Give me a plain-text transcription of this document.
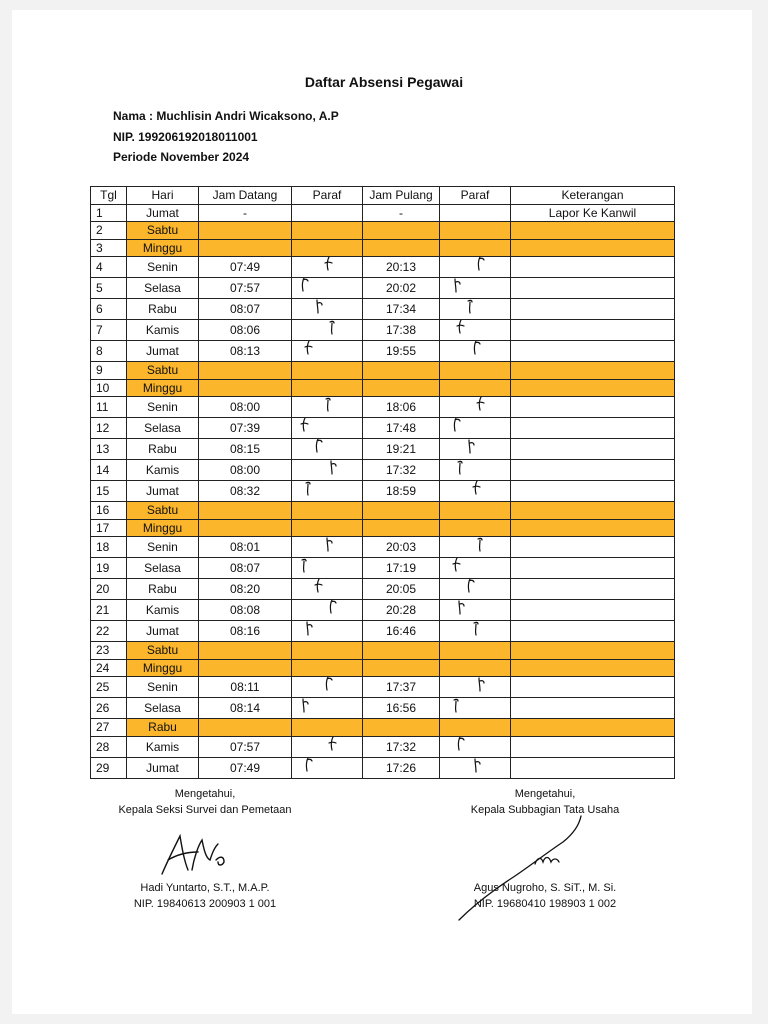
Daftar Absensi Pegawai
Nama : Muchlisin Andri Wicaksono, A.P
NIP. 199206192018011001
Periode November 2024
Tgl	Hari	Jam Datang	Paraf	Jam Pulang	Paraf	Keterangan
1	Jumat	-		-		Lapor Ke Kanwil
2	Sabtu					
3	Minggu					
4	Senin	07:49		20:13	

5	Selasa	07:57		20:02	

6	Rabu	08:07		17:34	

7	Kamis	08:06		17:38	

8	Jumat	08:13		19:55	

9	Sabtu					
10	Minggu					
11	Senin	08:00		18:06	

12	Selasa	07:39		17:48	

13	Rabu	08:15		19:21	

14	Kamis	08:00		17:32	

15	Jumat	08:32		18:59	

16	Sabtu					
17	Minggu					
18	Senin	08:01		20:03	

19	Selasa	08:07		17:19	

20	Rabu	08:20		20:05	

21	Kamis	08:08		20:28	

22	Jumat	08:16		16:46	

23	Sabtu					
24	Minggu					
25	Senin	08:11		17:37	

26	Selasa	08:14		16:56	

27	Rabu					
28	Kamis	07:57		17:32	

29	Jumat	07:49		17:26	

Mengetahui,
Kepala Seksi Survei dan Pemetaan
Hadi Yuntarto, S.T., M.A.P.
NIP. 19840613 200903 1 001
Mengetahui,
Kepala Subbagian Tata Usaha
Agus Nugroho, S. SiT., M. Si.
NIP. 19680410 198903 1 002
